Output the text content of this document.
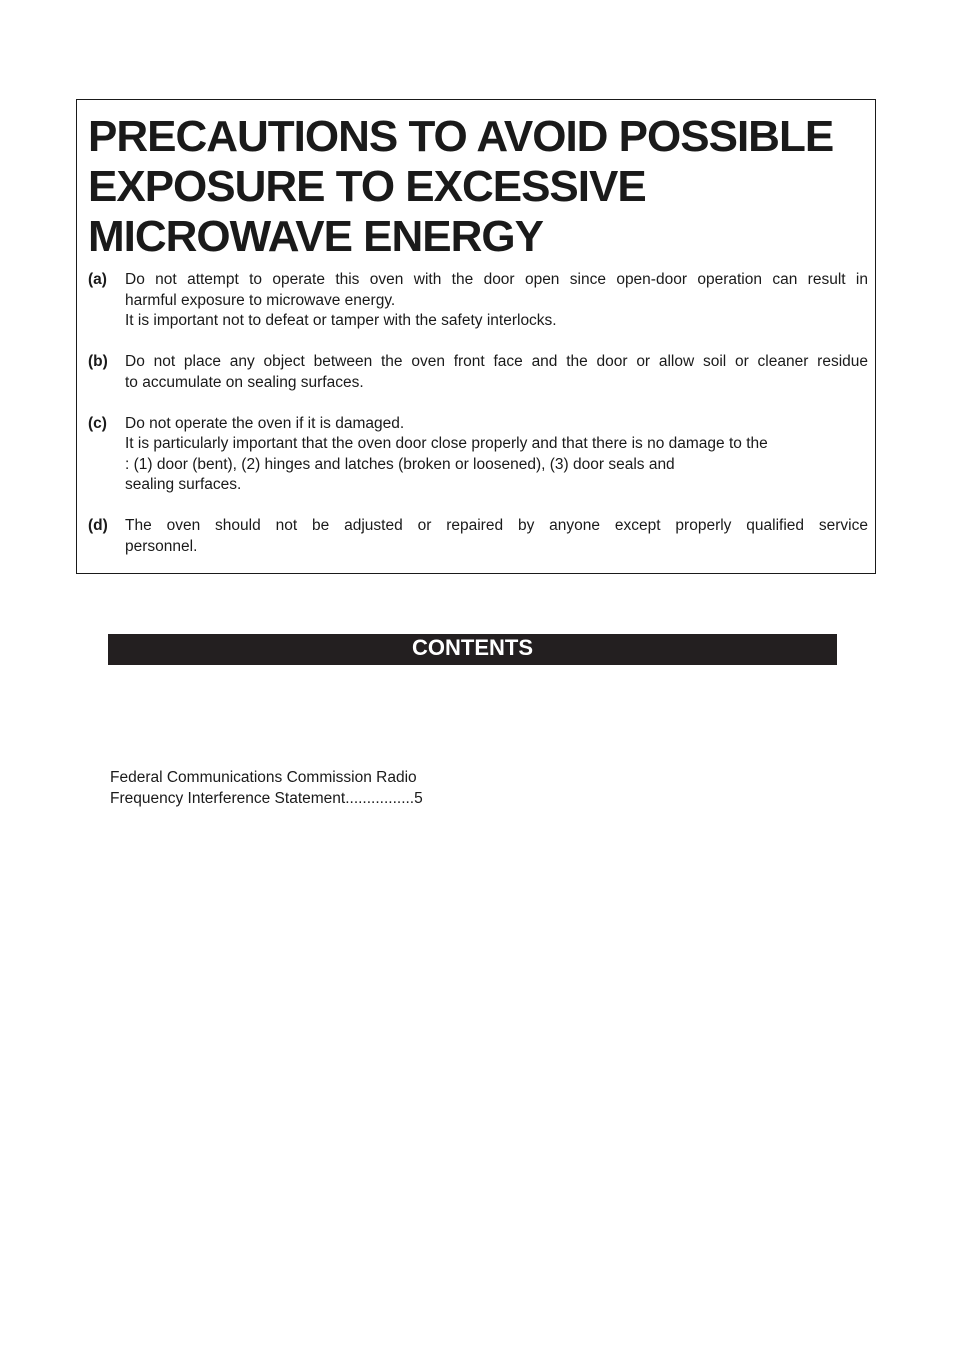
PRECAUTIONS TO AVOID POSSIBLE
EXPOSURE TO EXCESSIVE
MICROWAVE ENERGY
(a)	Do not attempt to operate this oven with the door open since open-door operation can result in
harmful exposure to microwave energy.
It is important not to defeat or tamper with the safety interlocks.
(b)	Do not place any object between the oven front face and the door or allow soil or cleaner residue
to accumulate on sealing surfaces.
(c)	Do not operate the oven if it is damaged.
It is particularly important that the oven door close properly and that there is no damage to the
: (1) door (bent), (2) hinges and latches (broken or loosened), (3) door seals and
sealing surfaces.
(d)	The oven should not be adjusted or repaired by anyone except properly qualified service
personnel.
CONTENTS
Federal Communications Commission Radio
Frequency Interference Statement................5
